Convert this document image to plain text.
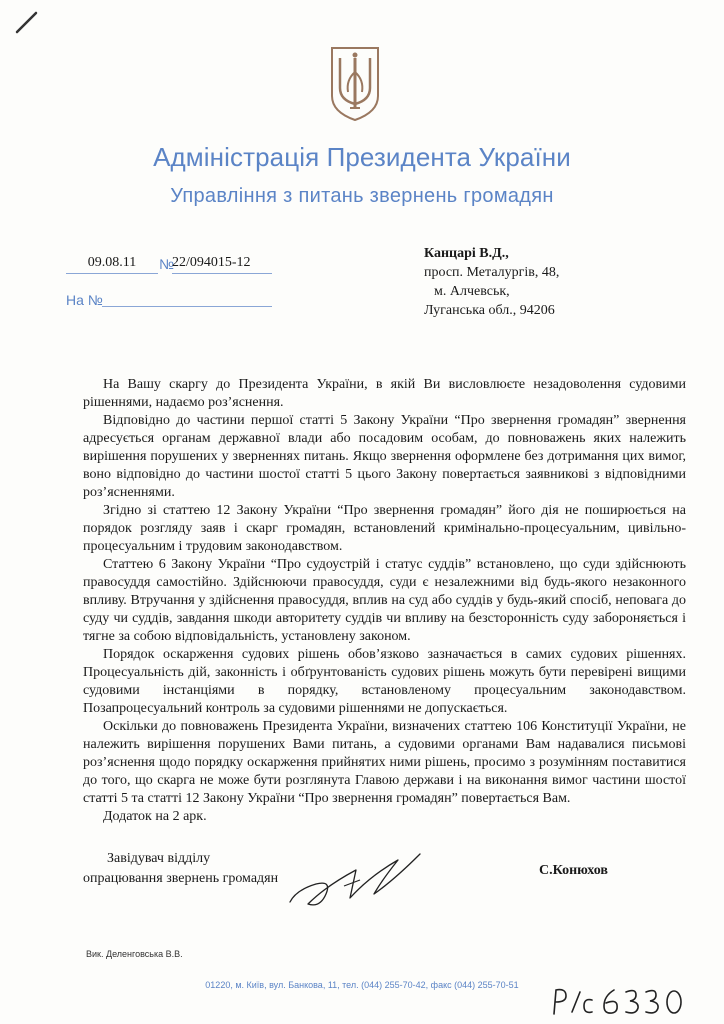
Адміністрація Президента України
Управління з питань звернень громадян
09.08.11	№
22/094015-12
На №
Канцарі В.Д.,
просп. Металургів, 48,
м. Алчевськ,
Луганська обл., 94206

На Вашу скаргу до Президента України, в якій Ви висловлюєте незадоволення судовими рішеннями, надаємо роз’яснення.

Відповідно до частини першої статті 5 Закону України “Про звернення громадян” звернення адресується органам державної влади або посадовим особам, до повноважень яких належить вирішення порушених у зверненнях питань. Якщо звернення оформлене без дотримання цих вимог, воно відповідно до частини шостої статті 5 цього Закону повертається заявникові з відповідними роз’ясненнями.

Згідно зі статтею 12 Закону України “Про звернення громадян” його дія не поширюється на порядок розгляду заяв і скарг громадян, встановлений кримінально-процесуальним, цивільно-процесуальним і трудовим законодавством.

Статтею 6 Закону України “Про судоустрій і статус суддів” встановлено, що суди здійснюють правосуддя самостійно. Здійснюючи правосуддя, суди є незалежними від будь-якого незаконного впливу. Втручання у здійснення правосуддя, вплив на суд або суддів у будь-який спосіб, неповага до суду чи суддів, завдання шкоди авторитету суддів чи впливу на безсторонність суду забороняється і тягне за собою відповідальність, установлену законом.

Порядок оскарження судових рішень обов’язково зазначається в самих судових рішеннях. Процесуальність дій, законність і обґрунтованість судових рішень можуть бути перевірені вищими судовими інстанціями в порядку, встановленому процесуальним законодавством. Позапроцесуальний контроль за судовими рішеннями не допускається.

Оскільки до повноважень Президента України, визначених статтею 106 Конституції України, не належить вирішення порушених Вами питань, а судовими органами Вам надавалися письмові роз’яснення щодо порядку оскарження прийнятих ними рішень, просимо з розумінням поставитися до того, що скарга не може бути розглянута Главою держави і на виконання вимог частини шостої статті 5 та статті 12 Закону України “Про звернення громадян” повертається Вам.

Додаток на 2 арк.

Завідувач відділу
опрацювання звернень громадян
С.Конюхов
Вик. Деленговська В.В.
01220, м. Київ, вул. Банкова, 11, тел. (044) 255-70-42, факс (044) 255-70-51
